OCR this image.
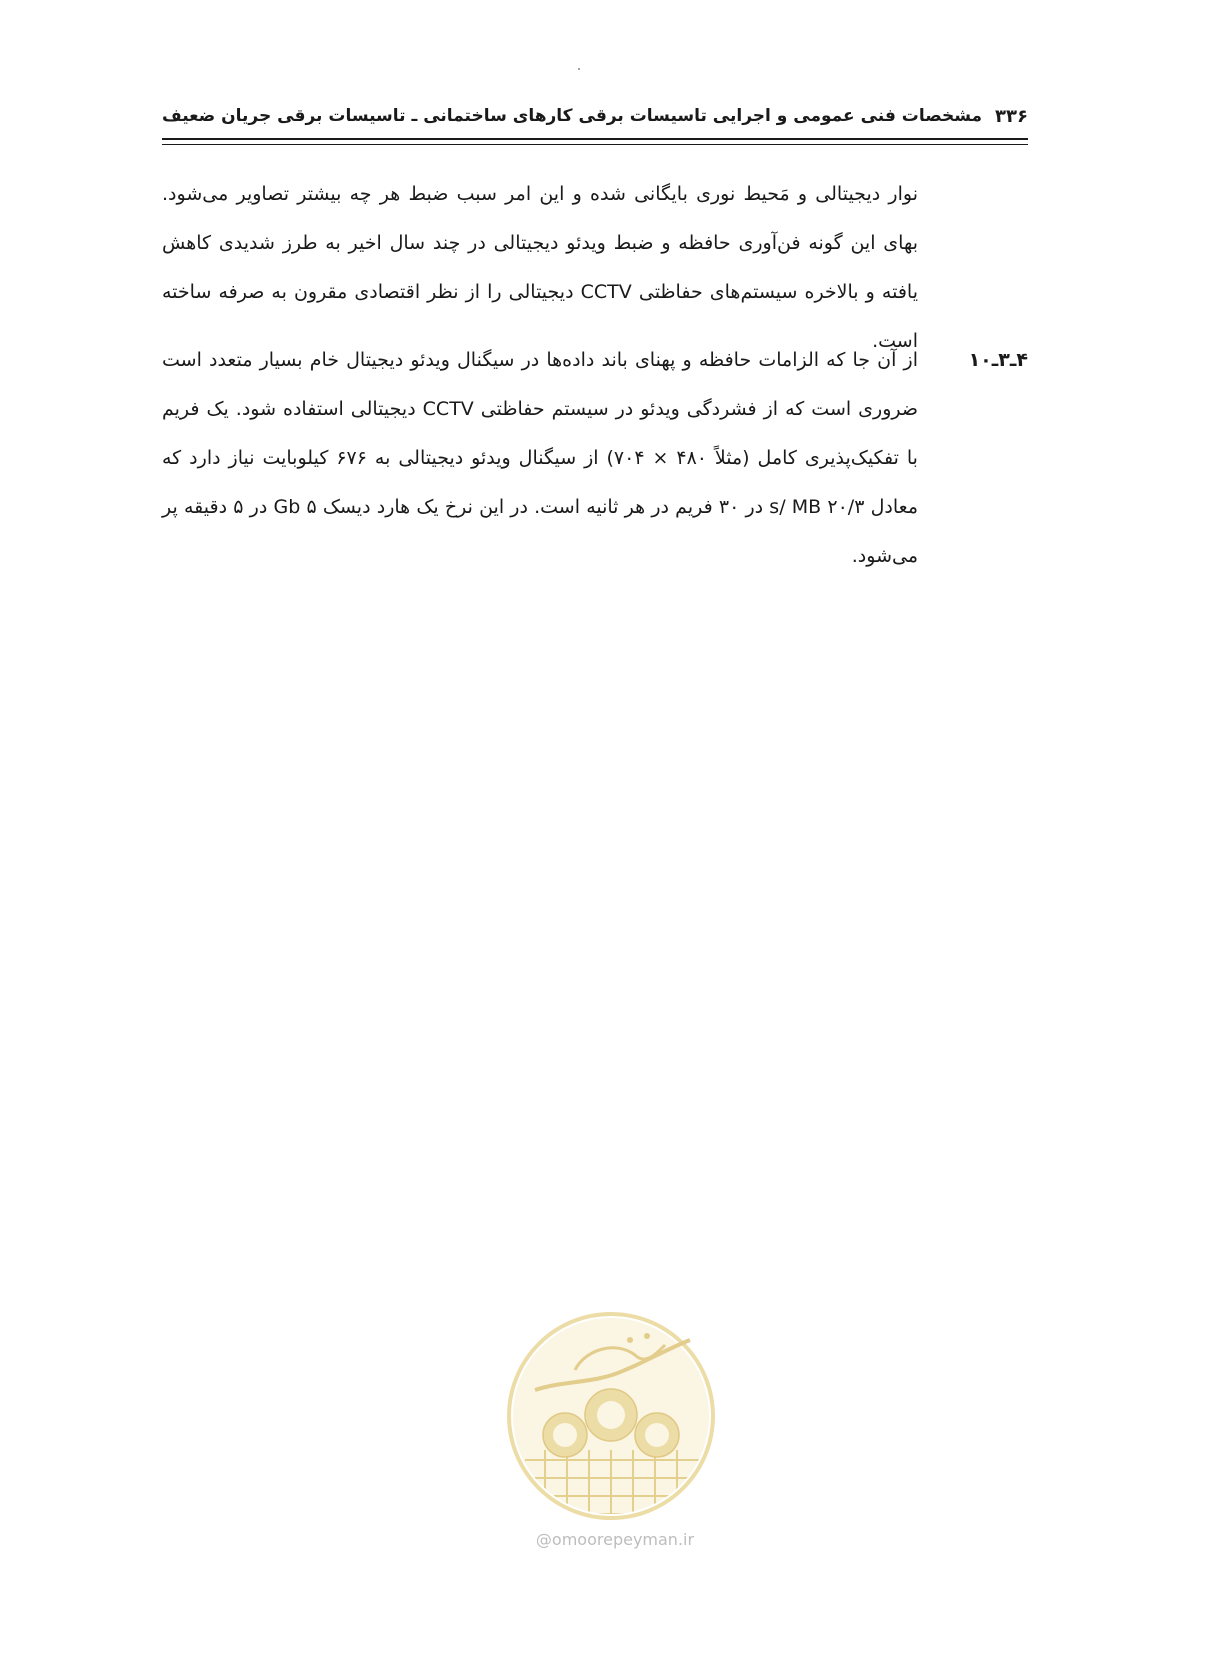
۳۳۶
مشخصات فنی عمومی و اجرایی تاسیسات برقی کارهای ساختمانی ـ تاسیسات برقی جریان ضعیف
نوار دیجیتالی و مَحیط نوری بایگانی شده و این امر سبب ضبط هر چه بیشتر تصاویر می‌شود. بهای این گونه فن‌آوری حافظه و ضبط ویدئو دیجیتالی در چند سال اخیر به طرز شدیدی کاهش یافته و بالاخره سیستم‌های حفاظتی CCTV دیجیتالی را از نظر اقتصادی مقرون به صرفه ساخته است.
۴ـ۳ـ۱۰
از آن جا که الزامات حافظه و پهنای باند داده‌ها در سیگنال ویدئو دیجیتال خام بسیار متعدد است ضروری است که از فشردگی ویدئو در سیستم حفاظتی CCTV دیجیتالی استفاده شود. یک فریم با تفکیک‌پذیری کامل (مثلاً ۴۸۰ × ۷۰۴) از سیگنال ویدئو دیجیتالی به ۶۷۶ کیلوبایت نیاز دارد که معادل s/ MB ۲۰/۳ در ۳۰ فریم در هر ثانیه است. در این نرخ یک هارد دیسک Gb ۵ در ۵ دقیقه پر می‌شود.
@omoorepeyman.ir
